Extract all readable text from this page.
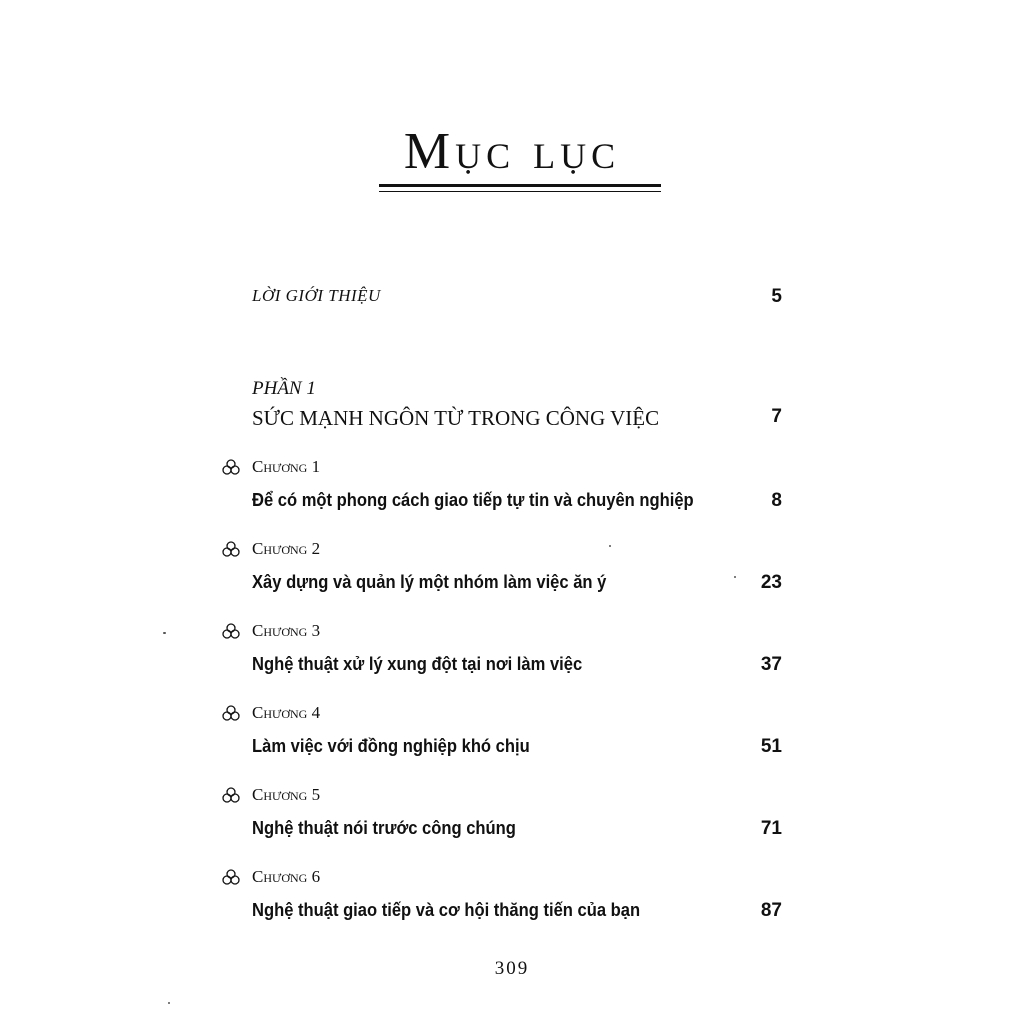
Mục lục
LỜI GIỚI THIỆU	5
PHẦN 1
SỨC MẠNH NGÔN TỪ TRONG CÔNG VIỆC	7
Chương 1
Để có một phong cách giao tiếp tự tin và chuyên nghiệp	8
Chương 2
Xây dựng và quản lý một nhóm làm việc ăn ý	23
Chương 3
Nghệ thuật xử lý xung đột tại nơi làm việc	37
Chương 4
Làm việc với đồng nghiệp khó chịu	51
Chương 5
Nghệ thuật nói trước công chúng	71
Chương 6
Nghệ thuật giao tiếp và cơ hội thăng tiến của bạn	87
309
